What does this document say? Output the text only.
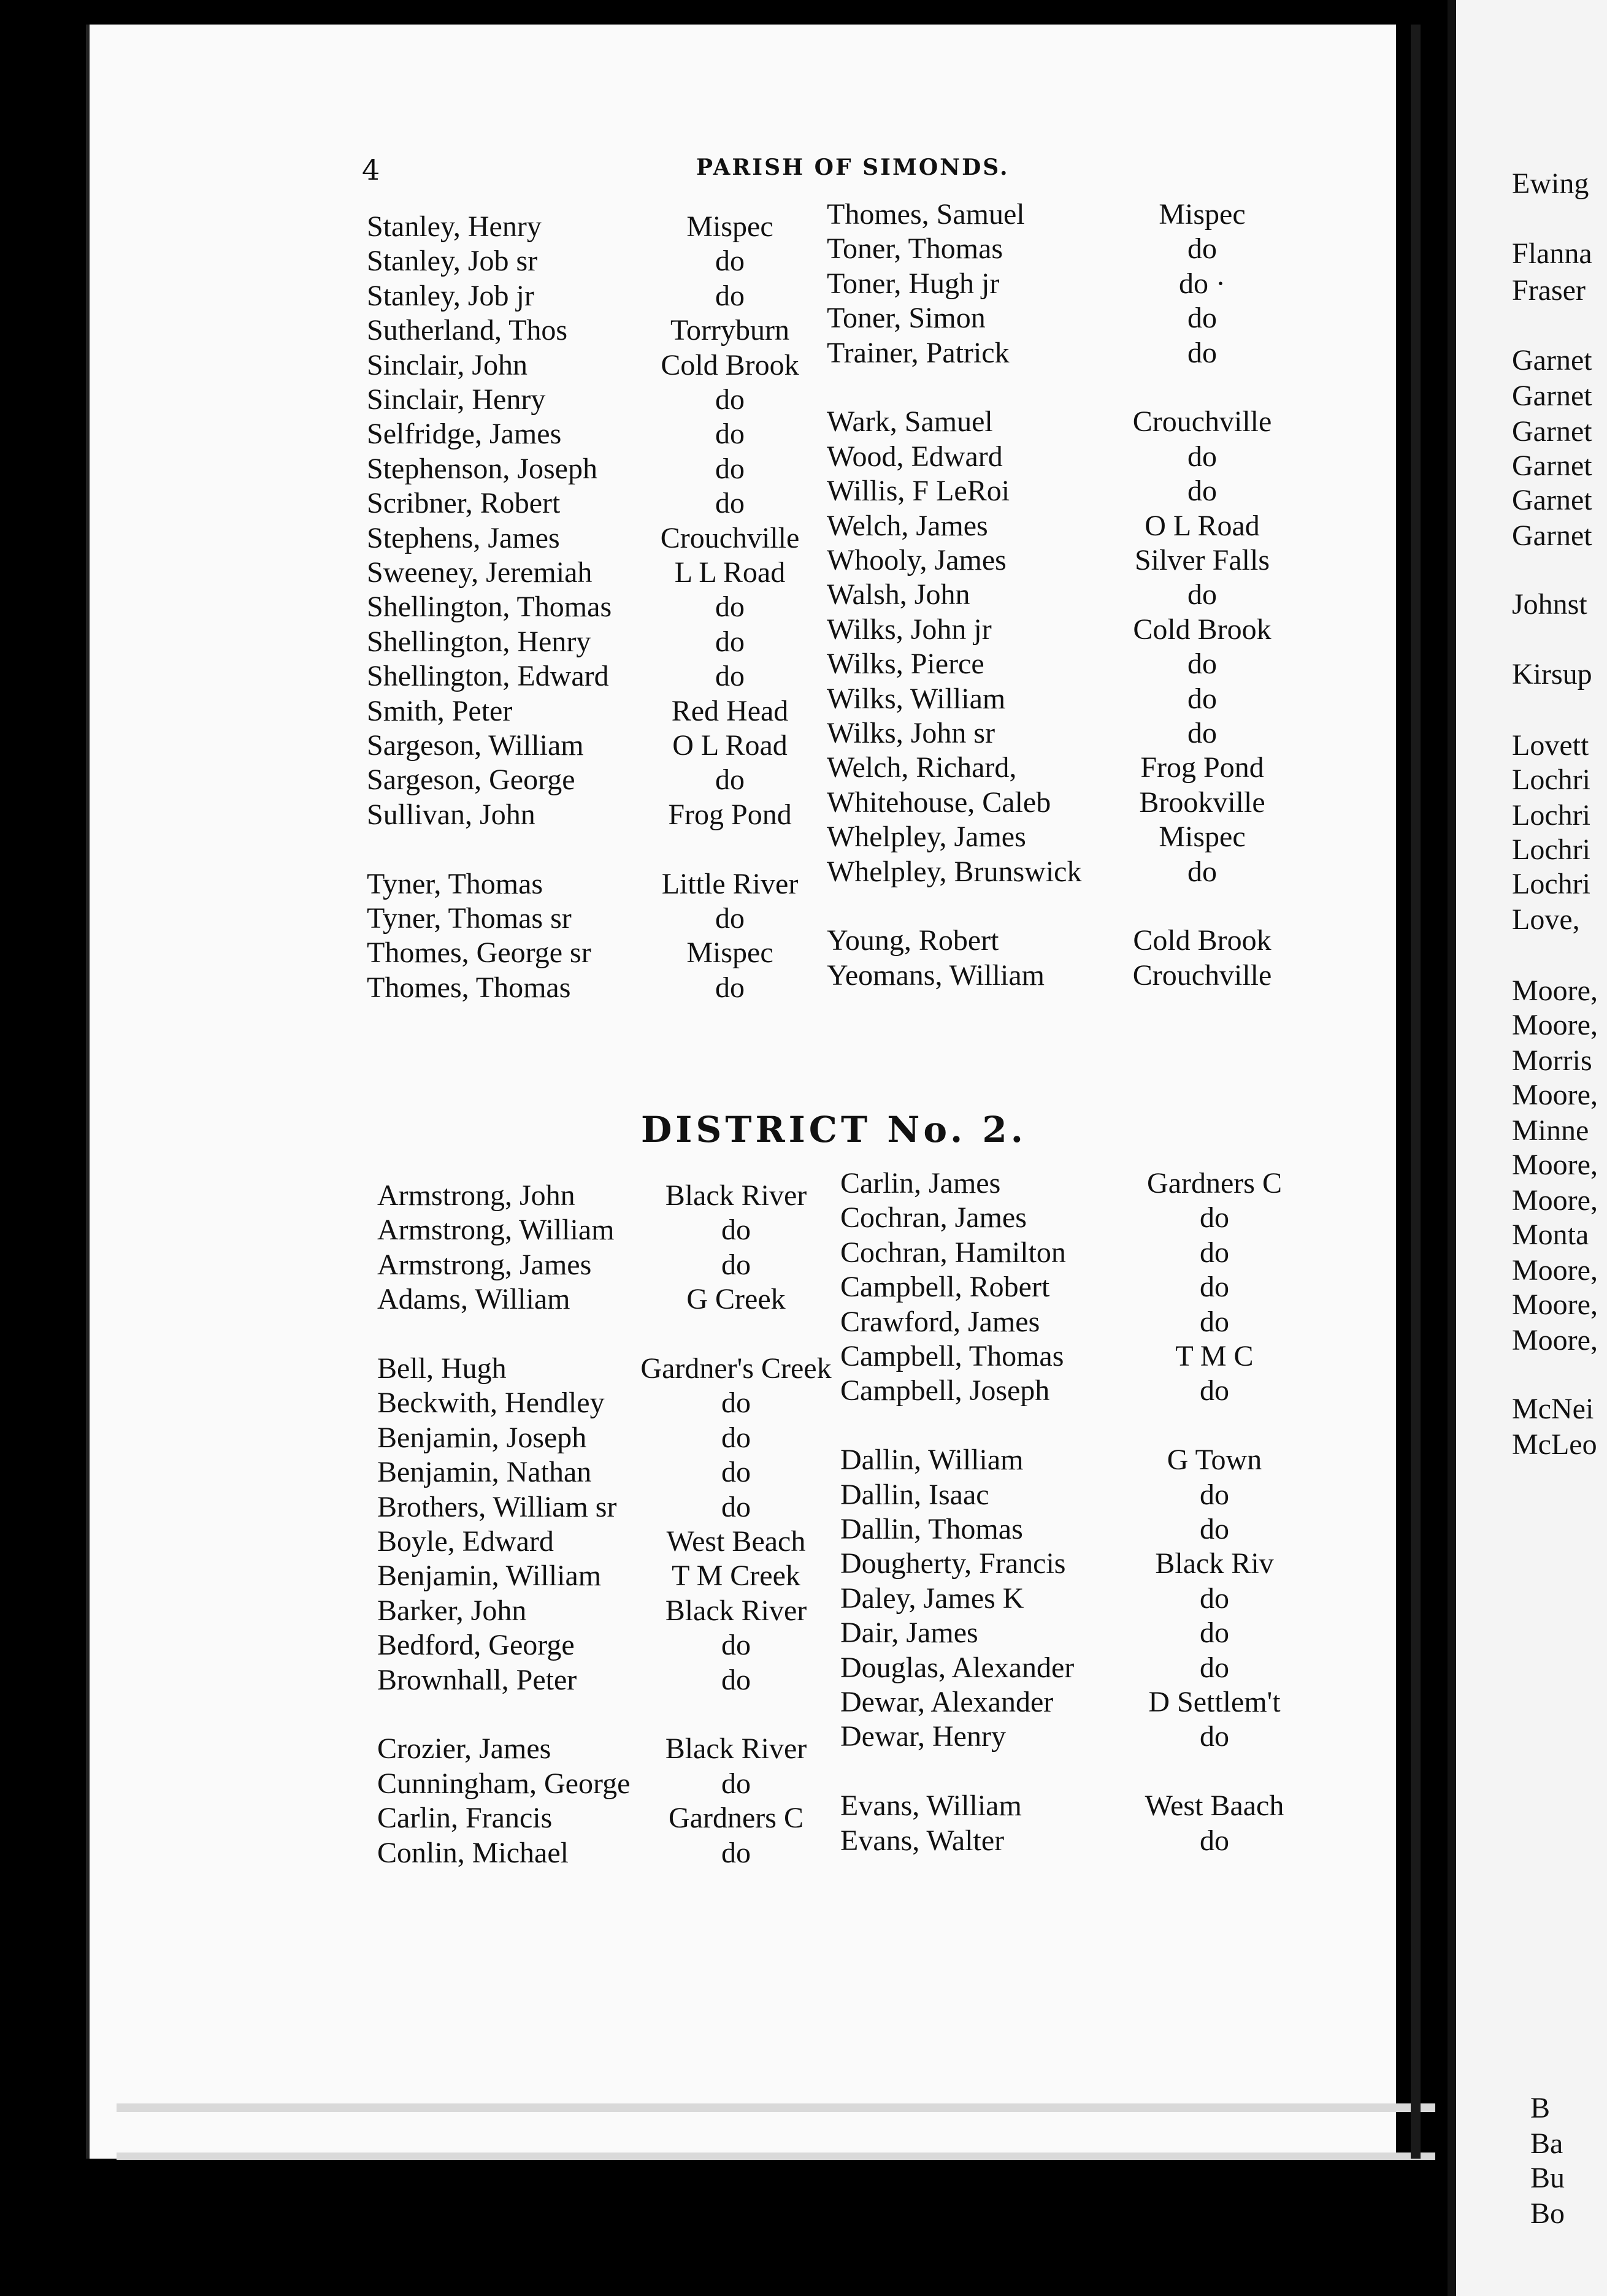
4	PARISH OF SIMONDS.
Stanley, Henry	Mispec
Stanley, Job sr	do
Stanley, Job jr	do
Sutherland, Thos	Torryburn
Sinclair, John	Cold Brook
Sinclair, Henry	do
Selfridge, James	do
Stephenson, Joseph	do
Scribner, Robert	do
Stephens, James	Crouchville
Sweeney, Jeremiah	L L Road
Shellington, Thomas	do
Shellington, Henry	do
Shellington, Edward	do
Smith, Peter	Red Head
Sargeson, William	O L Road
Sargeson, George	do
Sullivan, John	Frog Pond
Tyner, Thomas	Little River
Tyner, Thomas sr	do
Thomes, George sr	Mispec
Thomes, Thomas	do
Thomes, Samuel	Mispec
Toner, Thomas	do
Toner, Hugh jr	do ·
Toner, Simon	do
Trainer, Patrick	do
Wark, Samuel	Crouchville
Wood, Edward	do
Willis, F LeRoi	do
Welch, James	O L Road
Whooly, James	Silver Falls
Walsh, John	do
Wilks, John jr	Cold Brook
Wilks, Pierce	do
Wilks, William	do
Wilks, John sr	do
Welch, Richard,	Frog Pond
Whitehouse, Caleb	Brookville
Whelpley, James	Mispec
Whelpley, Brunswick	do
Young, Robert	Cold Brook
Yeomans, William	Crouchville
DISTRICT No. 2.
Armstrong, John	Black River
Armstrong, William	do
Armstrong, James	do
Adams, William	G Creek
Bell, Hugh	Gardner's Creek
Beckwith, Hendley	do
Benjamin, Joseph	do
Benjamin, Nathan	do
Brothers, William sr	do
Boyle, Edward	West Beach
Benjamin, William	T M Creek
Barker, John	Black River
Bedford, George	do
Brownhall, Peter	do
Crozier, James	Black River
Cunningham, George	do
Carlin, Francis	Gardners C
Conlin, Michael	do
Carlin, James	Gardners C
Cochran, James	do
Cochran, Hamilton	do
Campbell, Robert	do
Crawford, James	do
Campbell, Thomas	T M C
Campbell, Joseph	do
Dallin, William	G Town
Dallin, Isaac	do
Dallin, Thomas	do
Dougherty, Francis	Black Riv
Daley, James K	do
Dair, James	do
Douglas, Alexander	do
Dewar, Alexander	D Settlem't
Dewar, Henry	do
Evans, William	West Baach
Evans, Walter	do
Ewing
Flanna
Fraser
Garnet
Garnet
Garnet
Garnet
Garnet
Garnet
Johnst
Kirsup
Lovett
Lochri
Lochri
Lochri
Lochri
Love,
Moore,
Moore,
Morris
Moore,
Minne
Moore,
Moore,
Monta
Moore,
Moore,
Moore,
McNei
McLeo
B
Ba
Bu
Bo
